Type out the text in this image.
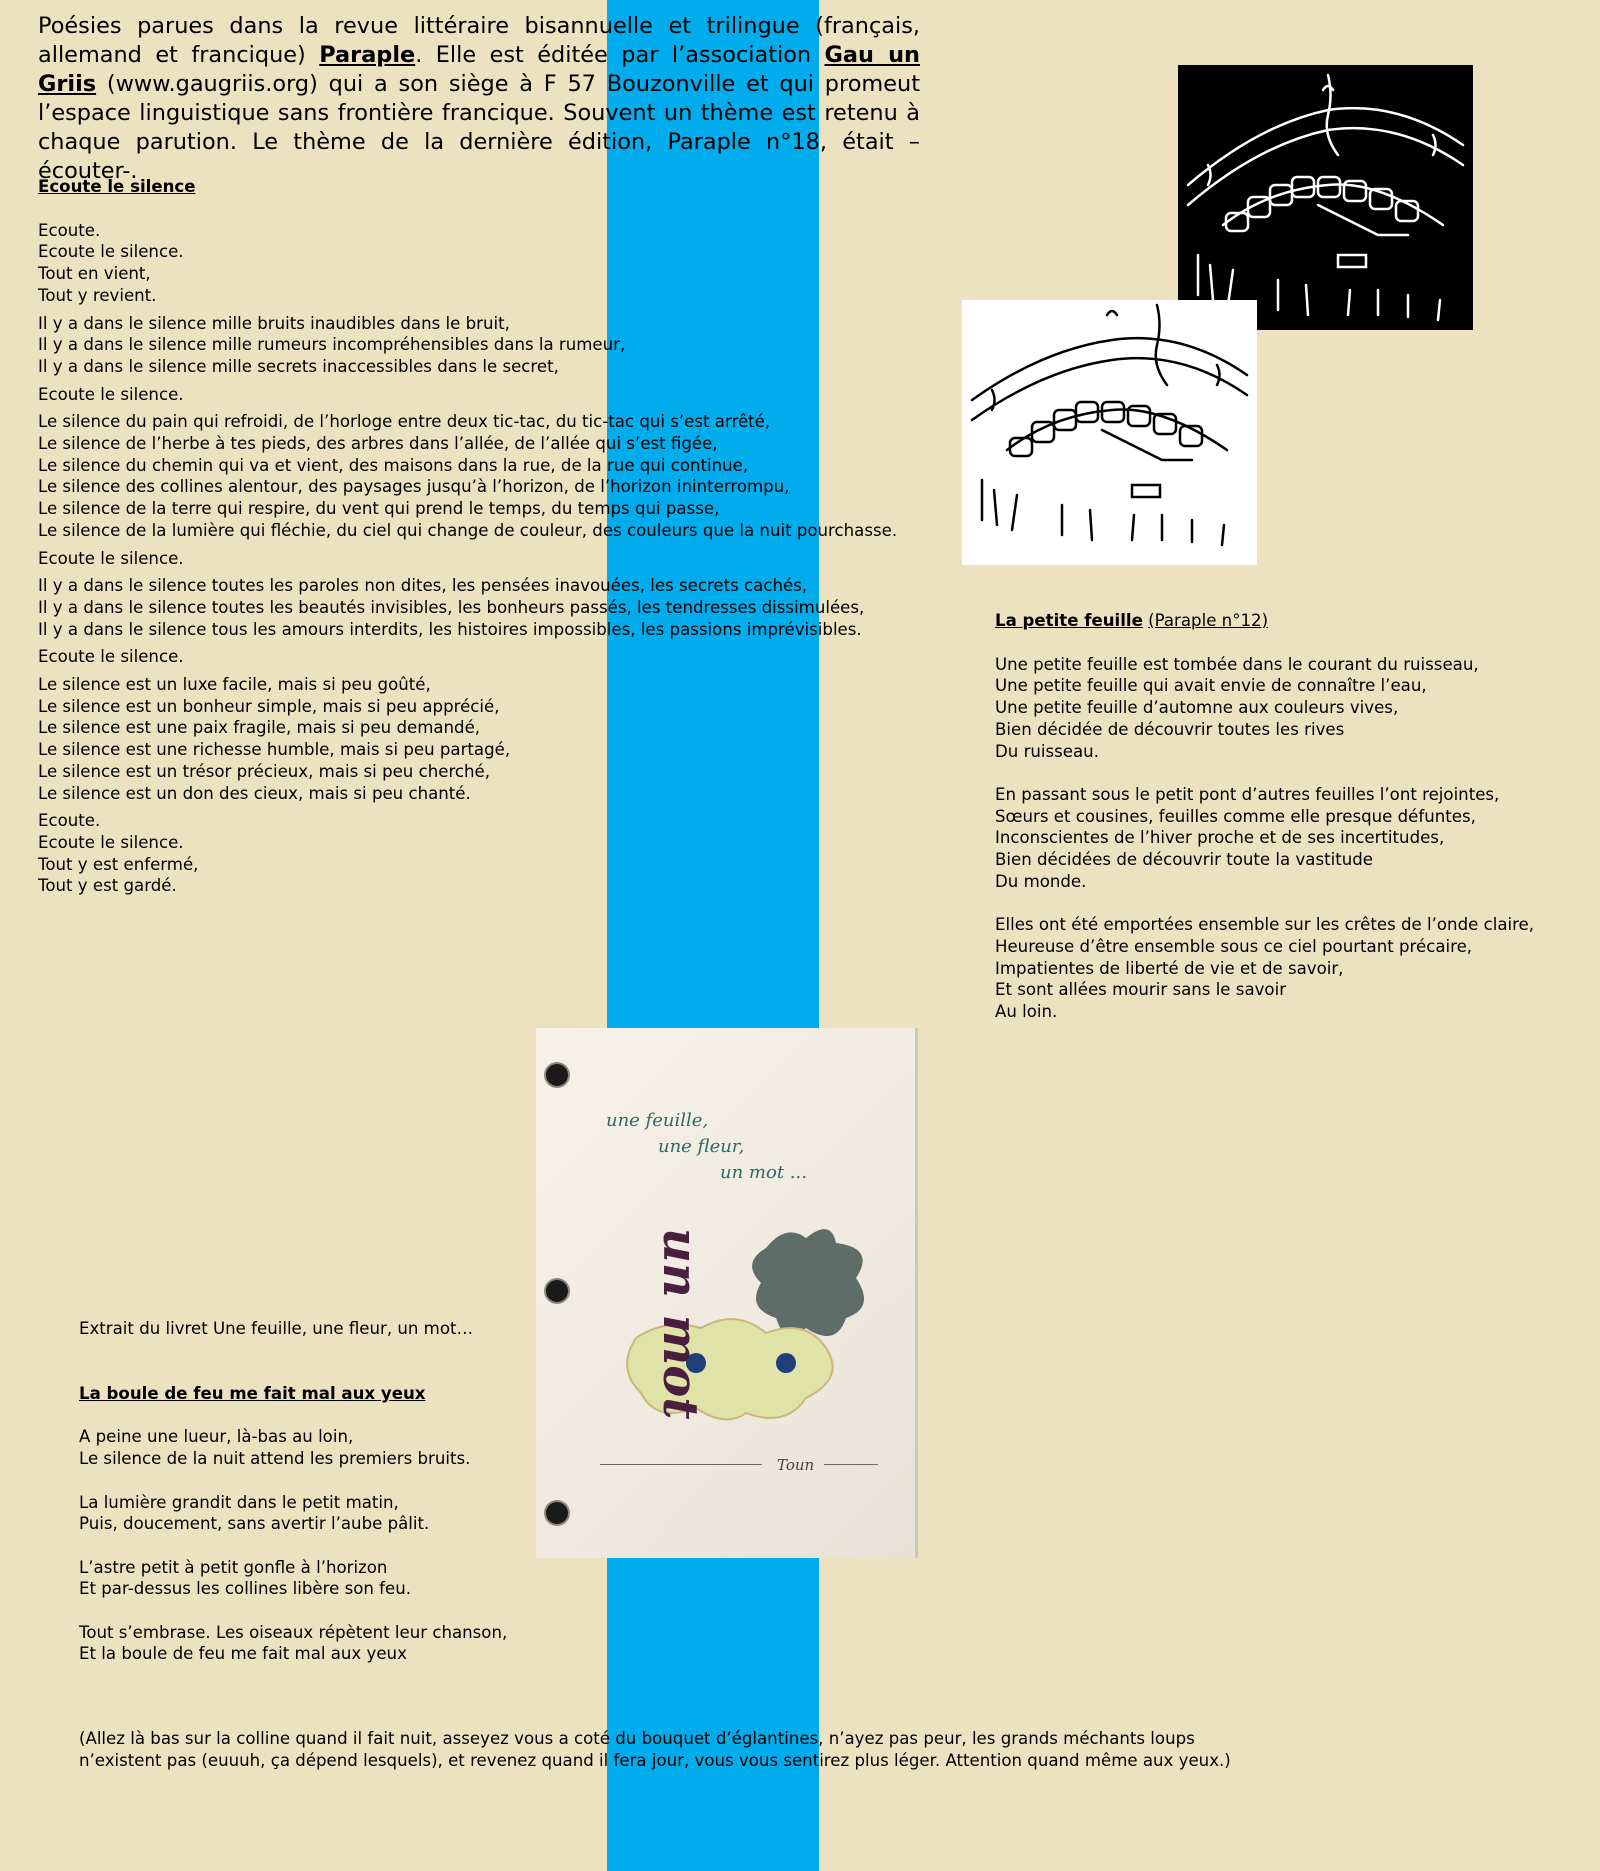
Poésies parues dans la revue littéraire bisannuelle et trilingue (français, allemand et francique) Paraple. Elle est éditée par l’association Gau un Griis (www.gaugriis.org) qui a son siège à F 57 Bouzonville et qui promeut l’espace linguistique sans frontière francique. Souvent un thème est retenu à chaque parution. Le thème de la dernière édition, Paraple n°18, était –écouter-.

Ecoute le silence

Ecoute.
Ecoute le silence.
Tout en vient,
Tout y revient.

Il y a dans le silence mille bruits inaudibles dans le bruit,
Il y a dans le silence mille rumeurs incompréhensibles dans la rumeur,
Il y a dans le silence mille secrets inaccessibles dans le secret,

Ecoute le silence.

Le silence du pain qui refroidi, de l’horloge entre deux tic-tac, du tic-tac qui s’est arrêté,
Le silence de l’herbe à tes pieds, des arbres dans l’allée, de l’allée qui s’est figée,
Le silence du chemin qui va et vient, des maisons dans la rue, de la rue qui continue,
Le silence des collines alentour, des paysages jusqu’à l’horizon, de l’horizon ininterrompu,
Le silence de la terre qui respire, du vent qui prend le temps, du temps qui passe,
Le silence de la lumière qui fléchie, du ciel qui change de couleur, des couleurs que la nuit pourchasse.

Ecoute le silence.

Il y a dans le silence toutes les paroles non dites, les pensées inavouées, les secrets cachés,
Il y a dans le silence toutes les beautés invisibles, les bonheurs passés, les tendresses dissimulées,
Il y a dans le silence tous les amours interdits, les histoires impossibles, les passions imprévisibles.

Ecoute le silence.

Le silence est un luxe facile, mais si peu goûté,
Le silence est un bonheur simple, mais si peu apprécié,
Le silence est une paix fragile, mais si peu demandé,
Le silence est une richesse humble, mais si peu partagé,
Le silence est un trésor précieux, mais si peu cherché,
Le silence est un don des cieux, mais si peu chanté.

Ecoute.
Ecoute le silence.
Tout y est enfermé,
Tout y est gardé.

La petite feuille (Paraple n°12)

Une petite feuille est tombée dans le courant du ruisseau,
Une petite feuille qui avait envie de connaître l’eau,
Une petite feuille d’automne aux couleurs vives,
Bien décidée de découvrir toutes les rives
Du ruisseau.

En passant sous le petit pont d’autres feuilles l’ont rejointes,
Sœurs et cousines, feuilles comme elle presque défuntes,
Inconscientes de l’hiver proche et de ses incertitudes,
Bien décidées de découvrir toute la vastitude
Du monde.

Elles ont été emportées ensemble sur les crêtes de l’onde claire,
Heureuse d’être ensemble sous ce ciel pourtant précaire,
Impatientes de liberté de vie et de savoir,
Et sont allées mourir sans le savoir
Au loin.

une feuille,
une fleur,
un mot ...
un mot
Toun

Extrait du livret Une feuille, une fleur, un mot…

La boule de feu me fait mal aux yeux

A peine une lueur, là-bas au loin,
Le silence de la nuit attend les premiers bruits.

La lumière grandit dans le petit matin,
Puis, doucement, sans avertir l’aube pâlit.

L’astre petit à petit gonfle à l’horizon
Et par-dessus les collines libère son feu.

Tout s’embrase. Les oiseaux répètent leur chanson,
Et la boule de feu me fait mal aux yeux

(Allez là bas sur la colline quand il fait nuit, asseyez vous a coté du bouquet d’églantines, n’ayez pas peur, les grands méchants loups
n’existent pas (euuuh, ça dépend lesquels), et revenez quand il fera jour, vous vous sentirez plus léger. Attention quand même aux yeux.)
